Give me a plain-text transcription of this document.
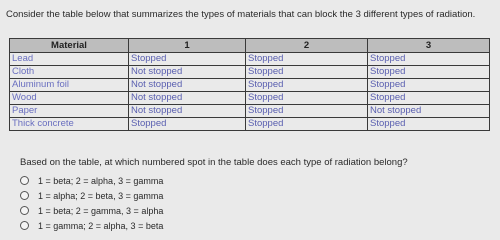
Consider the table below that summarizes the types of materials that can block the 3 different types of radiation.
Material	1	2	3
Lead	Stopped	Stopped	Stopped
Cloth	Not stopped	Stopped	Stopped
Aluminum foil	Not stopped	Stopped	Stopped
Wood	Not stopped	Stopped	Stopped
Paper	Not stopped	Stopped	Not stopped
Thick concrete	Stopped	Stopped	Stopped
Based on the table, at which numbered spot in the table does each type of radiation belong?
1 = beta; 2 = alpha, 3 = gamma
1 = alpha; 2 = beta, 3 = gamma
1 = beta; 2 = gamma, 3 = alpha
1 = gamma; 2 = alpha, 3 = beta
